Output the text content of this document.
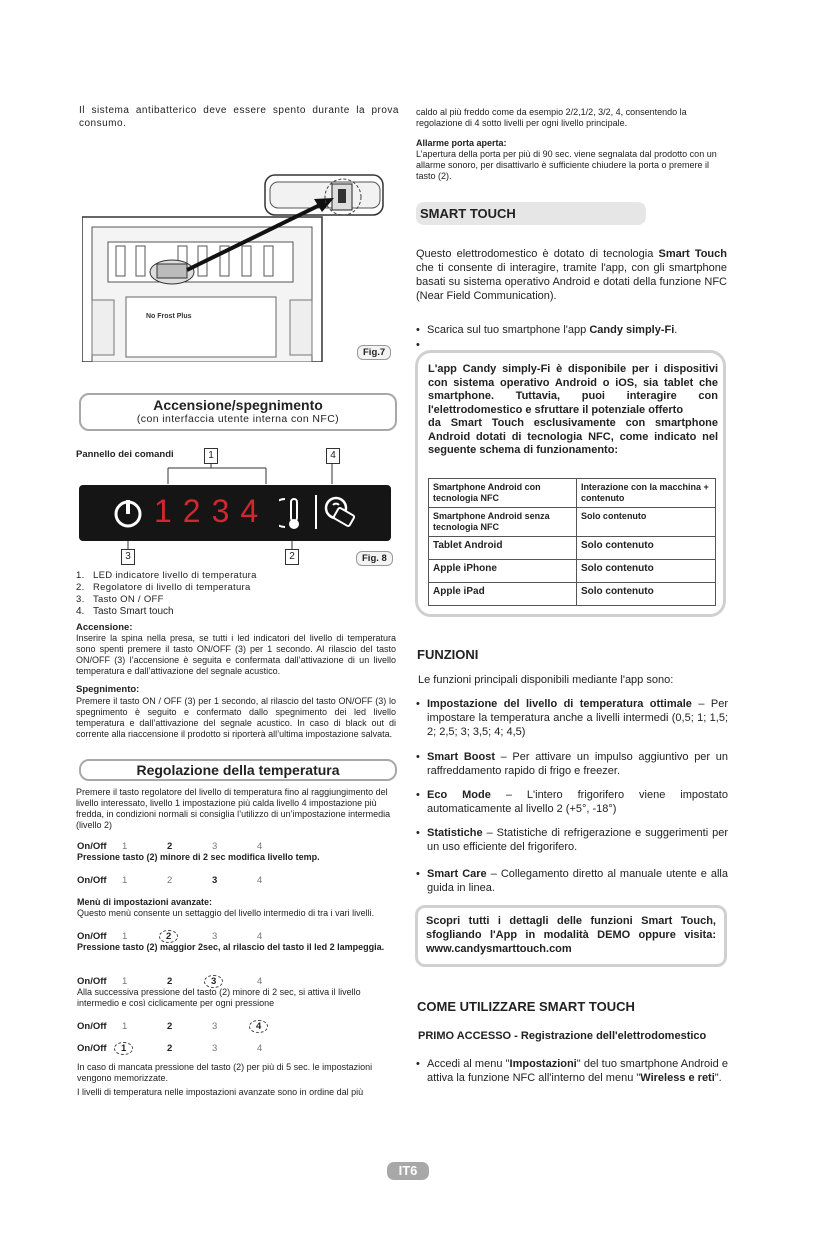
Il sistema antibatterico deve essere spento durante la prova consumo.
No Frost Plus
Fig.7
Accensione/spegnimento
(con interfaccia utente interna con NFC)
Pannello dei comandi	1	4
1 2 3 4
3	2	Fig. 8
1. LED indicatore livello di temperatura
2. Regolatore di livello di temperatura
3. Tasto ON / OFF
4. Tasto Smart touch
Accensione:
Inserire la spina nella presa, se tutti i led indicatori del livello di temperatura sono spenti premere il tasto ON/OFF (3) per 1 secondo. Al rilascio del tasto ON/OFF (3) l’accensione è seguita e confermata dall’attivazione di un livello temperatura e dall’attivazione del segnale acustico.
Spegnimento:
Premere il tasto ON / OFF (3) per 1 secondo, al rilascio del tasto ON/OFF (3) lo spegnimento è seguito e confermato dallo spegnimento dei led livello temperatura e dall’attivazione del segnale acustico. In caso di black out di corrente alla riaccensione il prodotto si riporterà all’ultima impostazione salvata.
Regolazione della temperatura
Premere il tasto regolatore del livello di temperatura fino al raggiungimento del livello interessato, livello 1 impostazione più calda livello 4 impostazione più fredda, in condizioni normali si consiglia l’utilizzo di un’impostazione intermedia (livello 2)
On/Off 1	2	3	4
Pressione tasto (2) minore di 2 sec modifica livello temp.
On/Off 1	2	3	4
Menù di impostazioni avanzate:
Questo menù consente un settaggio del livello intermedio di tra i vari livelli.
On/Off 1	2	3	4
Pressione tasto (2) maggior 2sec, al rilascio del tasto il led 2 lampeggia.
On/Off 1	2	3	4
Alla successiva pressione del tasto (2) minore di 2 sec, si attiva il livello intermedio e così ciclicamente per ogni pressione
On/Off 1	2	3	4
On/Off	1	2	3	4
In caso di mancata pressione del tasto (2) per più di 5 sec. le impostazioni vengono memorizzate.
I livelli di temperatura nelle impostazioni avanzate sono in ordine dal più
caldo al più freddo come da esempio 2/2,1/2, 3/2, 4, consentendo la regolazione di 4 sotto livelli per ogni livello principale.
Allarme porta aperta:
L’apertura della porta per più di 90 sec. viene segnalata dal prodotto con un allarme sonoro, per disattivarlo è sufficiente chiudere la porta o premere il tasto (2).
SMART TOUCH
Questo elettrodomestico è dotato di tecnologia Smart Touch che ti consente di interagire, tramite l'app, con gli smartphone basati su sistema operativo Android e dotati della funzione NFC (Near Field Communication).
• Scarica sul tuo smartphone l'app Candy simply-Fi.
•
L'app Candy simply-Fi è disponibile per i dispositivi con sistema operativo Android o iOS, sia tablet che smartphone. Tuttavia, puoi interagire con l'elettrodomestico e sfruttare il potenziale offerto
da Smart Touch esclusivamente con smartphone Android dotati di tecnologia NFC, come indicato nel seguente schema di funzionamento:
Smartphone Android con tecnologia NFC	Interazione con la macchina + contenuto
Smartphone Android senza tecnologia NFC	Solo contenuto
Tablet Android	Solo contenuto
Apple iPhone	Solo contenuto
Apple iPad	Solo contenuto
FUNZIONI
Le funzioni principali disponibili mediante l'app sono:
• Impostazione del livello di temperatura ottimale – Per impostare la temperatura anche a livelli intermedi (0,5; 1; 1,5; 2; 2,5; 3; 3,5; 4; 4,5)
• Smart Boost – Per attivare un impulso aggiuntivo per un raffreddamento rapido di frigo e freezer.
• Eco Mode – L'intero frigorifero viene impostato automaticamente al livello 2 (+5°, -18°)
• Statistiche – Statistiche di refrigerazione e suggerimenti per un uso efficiente del frigorifero.
• Smart Care – Collegamento diretto al manuale utente e alla guida in linea.
Scopri tutti i dettagli delle funzioni Smart Touch, sfogliando l'App in modalità DEMO oppure visita: www.candysmarttouch.com
COME UTILIZZARE SMART TOUCH
PRIMO ACCESSO - Registrazione dell'elettrodomestico
• Accedi al menu "Impostazioni" del tuo smartphone Android e attiva la funzione NFC all'interno del menu "Wireless e reti".
IT6
